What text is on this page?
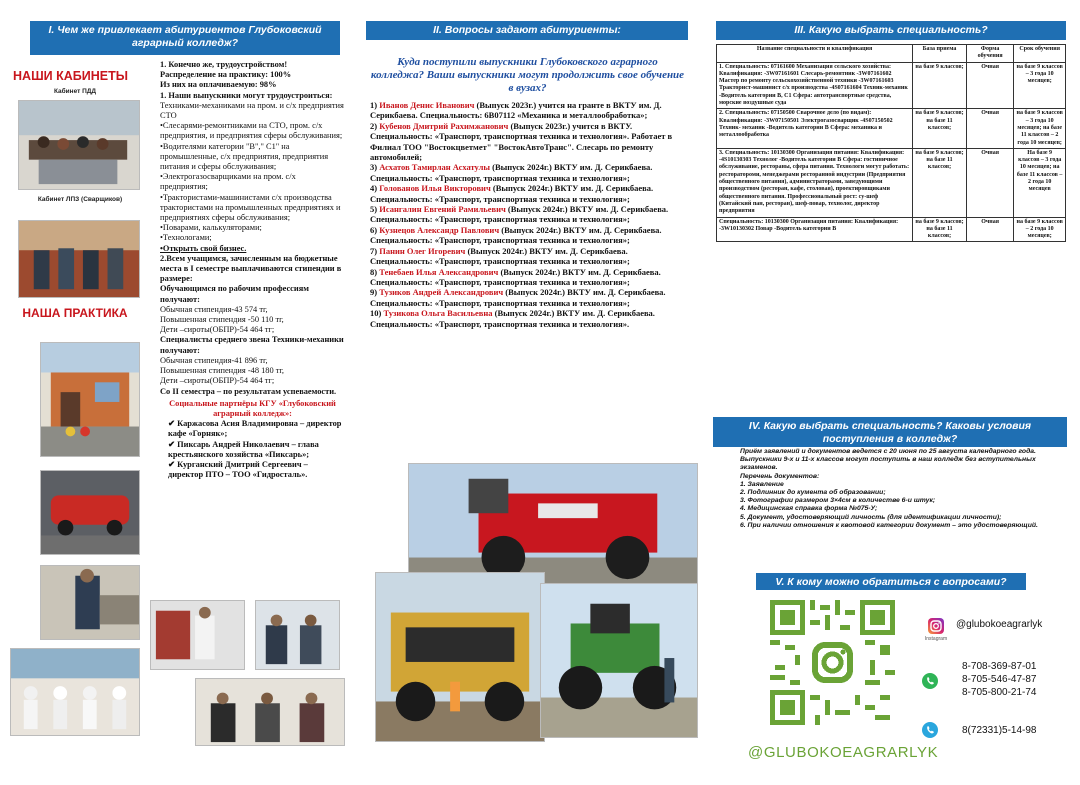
I. Чем же привлекает абитуриентов Глубоковский аграрный колледж?
НАШИ КАБИНЕТЫ
Кабинет ПДД
Кабинет ЛПЗ (Сварщиков)
НАША ПРАКТИКА

1. Конечно же, трудоустройством!

Распределение на практику: 100%

Из них на оплачиваемую: 98%

1. Наши выпускники могут трудоустроиться:

Техниками-механиками на пром. и с/х предприятия СТО

•Слесарями-ремонтниками на СТО, пром. с/х предприятия, и предприятия сферы обслуживания;

•Водителями категории "В"," С1" на промышленные, с/х предприятия, предприятия питания и сферы обслуживания;

•Электрогазосварщиками на пром. с/х предприятия;

•Трактористами-машинистами с/х производства трактористами на промышленных предприятиях и предприятиях сферы обслуживания;

•Поварами, калькуляторами;

•Технологами;

•Открыть свой бизнес.

2.Всем учащимся, зачисленным на бюджетные места в I семестре выплачиваются стипендии в размере:

Обучающимся по рабочим профессиям получают:

Обычная стипендия-43 574 тг,

Повышенная стипендия -50 110 тг,

Дети –сироты(ОБПР)-54 464 тг;

Специалисты среднего звена Техники-механики получают:

Обычная стипендия-41 896 тг,

Повышенная стипендия -48 180 тг,

Дети –сироты(ОБПР)-54 464 тг;

Со II семестра – по результатам успеваемости.

Социальные партнёры КГУ «Глубоковский аграрный колледж»:

✔ Каржасова Асия Владимировна – директор кафе «Горняк»;

✔ Пиксарь Андрей Николаевич – глава крестьянского хозяйства «Пиксарь»;

✔ Курганский Дмитрий Сергеевич – директор ПТО – ТОО «Гидросталь».

II. Вопросы задают абитуриенты:
Куда поступили выпускники Глубоковского аграрного колледжа? Ваши выпускники могут продолжить свое обучение в вузах?

1) Иванов Денис Иванович (Выпуск 2023г.) учится на гранте в ВКТУ им. Д. Серикбаева. Специальность: 6В07112 «Механика и металлообработка»;

2) Кубенов Дмитрий Рахимжанович (Выпуск 2023г.) учится в ВКТУ. Специальность: «Транспорт, транспортная техника и технология». Работает в Филиал ТОО "Востокцветмет" "ВостокАвтоТранс". Слесарь по ремонту автомобилей;

3) Асхатов Тамирлан Асхатулы (Выпуск 2024г.) ВКТУ им. Д. Серикбаева. Специальность: «Транспорт, транспортная техника и технология»;

4) Голованов Илья Викторович (Выпуск 2024г.) ВКТУ им. Д. Серикбаева. Специальность: «Транспорт, транспортная техника и технология»;

5) Исангалин Евгений Рамильевич (Выпуск 2024г.) ВКТУ им. Д. Серикбаева. Специальность: «Транспорт, транспортная техника и технология»;

6) Кузнецов Александр Павлович (Выпуск 2024г.) ВКТУ им. Д. Серикбаева. Специальность: «Транспорт, транспортная техника и технология»;

7) Панин Олег Игоревич (Выпуск 2024г.) ВКТУ им. Д. Серикбаева. Специальность: «Транспорт, транспортная техника и технология»;

8) Тенебаев Илья Александрович (Выпуск 2024г.) ВКТУ им. Д. Серикбаева. Специальность: «Транспорт, транспортная техника и технология»;

9) Тузиков Андрей Александрович (Выпуск 2024г.) ВКТУ им. Д. Серикбаева. Специальность: «Транспорт, транспортная техника и технология»;

10) Тузикова Ольга Васильевна (Выпуск 2024г.) ВКТУ им. Д. Серикбаева. Специальность: «Транспорт, транспортная техника и технология».

III. Какую выбрать специальность?
Название специальности и квалификация	База приема	Форма обучения	Срок обучения
1. Специальность: 07161600 Механизация сельского хозяйства: Квалификация: -3W07161601 Слесарь-ремонтник -3W07161602 Мастер по ремонту сельскохозяйственной техники -3W07161603 Тракторист-машинист с/х производства -4S07161604 Техник-механик -Водитель категории В, С1 Сфера: автотранспортные средства, морские воздушные суда	на базе 9 классов;	Очная	на базе 9 классов – 3 года 10 месяцев;
2. Специальность: 07150500 Сварочное дело (по видам): Квалификация: -3W07150501 Электрогазосварщик -4S07150502 Техник- механик -Водитель категории В Сфера: механика и металлообработка	на базе 9 классов; на базе 11 классов;	Очная	на базе 9 классов – 3 года 10 месяцев; на базе 11 классов – 2 года 10 месяцев;
3. Специальность: 10130300 Организация питания: Квалификация: -4S10130303 Технолог -Водитель категории В Сфера: гостиничное обслуживание, рестораны, сфера питания. Технологи могут работать: ресторатороми, менеджерами ресторанной индустрии (Предприятия общественного питания), администраторами, заведующими производством (ресторан, кафе, столовая), проектировщиками общественного питания. Профессиональный рост: су-шеф (Китайский пан, ресторан), шеф-повар, технолог, директор предприятия	на базе 9 классов; на базе 11 классов;	Очная	На базе 9 классов – 3 года 10 месяцев; на базе 11 классов – 2 года 10 месяцев
Специальность: 10130300 Организация питания: Квалификация: -3W10130302 Повар -Водитель категории В	на базе 9 классов; на базе 11 классов;	Очная	на базе 9 классов – 2 года 10 месяцев;
IV. Какую выбрать специальность? Каковы условия поступления в колледж?

Приём заявлений и документов ведется с 20 июня по 25 августа календарного года. Выпускники 9-х и 11-х классов могут поступить в наш колледж без вступительных экзаменов.

Перечень документов:

1. Заявление

2. Подлинник до кумента об образовании;

3. Фотографии размером 3×4см в количестве 6-и штук;

4. Медицинская справка форма №075-У;

5. Документ, удостоверяющий личность (для идентификации личности);

6. При наличии отношения к квотовой категории документ – это удостоверяющий.

V. К кому можно обратиться с вопросами?
Instagram
@glubokoeagrarlyk

8-708-369-87-01

8-705-546-47-87

8-705-800-21-74

8(72331)5-14-98
@GLUBOKOEAGRARLYK
